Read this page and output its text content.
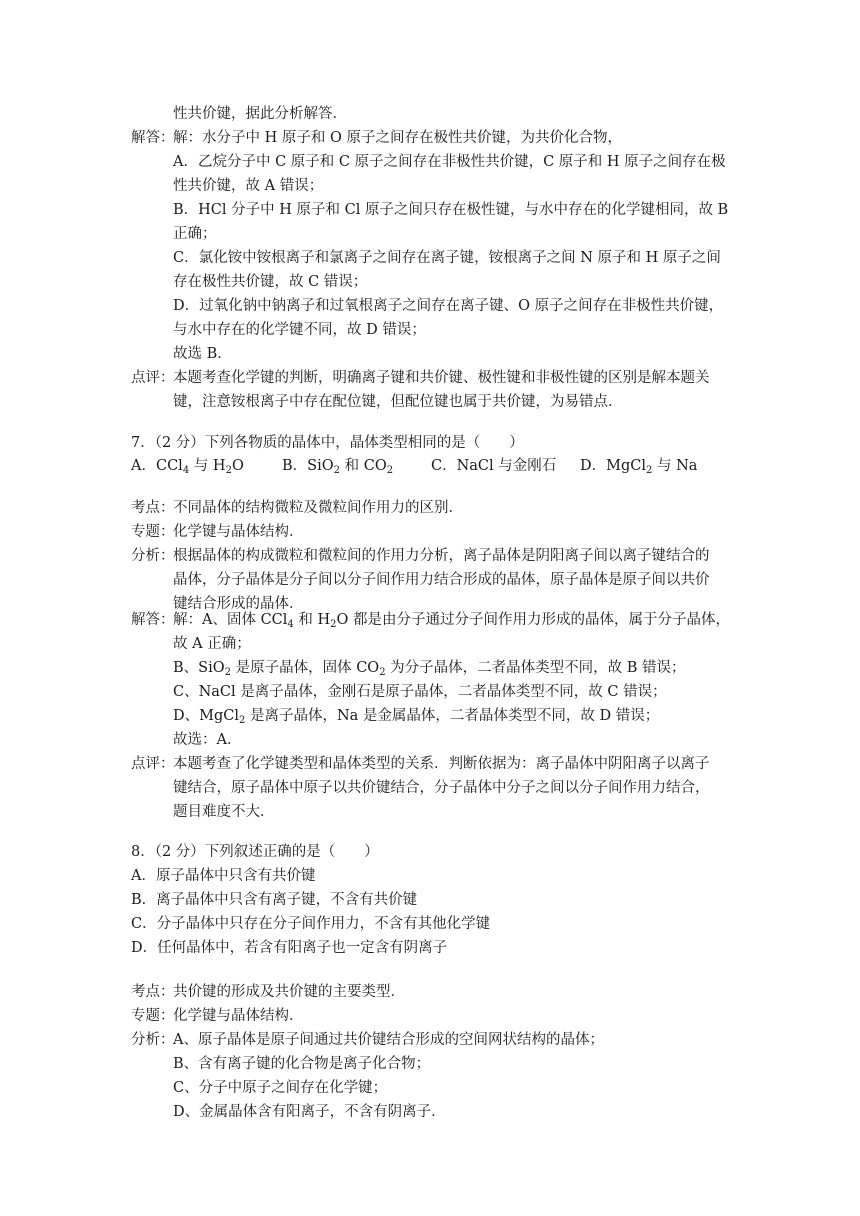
性共价键，据此分析解答．
解答：
解：水分子中 H 原子和 O 原子之间存在极性共价键，为共价化合物，
A．乙烷分子中 C 原子和 C 原子之间存在非极性共价键，C 原子和 H 原子之间存在极
性共价键，故 A 错误；
B．HCl 分子中 H 原子和 Cl 原子之间只存在极性键，与水中存在的化学键相同，故 B
正确；
C．氯化铵中铵根离子和氯离子之间存在离子键，铵根离子之间 N 原子和 H 原子之间
存在极性共价键，故 C 错误；
D．过氧化钠中钠离子和过氧根离子之间存在离子键、O 原子之间存在非极性共价键，
与水中存在的化学键不同，故 D 错误；
故选 B．
点评：
本题考查化学键的判断，明确离子键和共价键、极性键和非极性键的区别是解本题关
键，注意铵根离子中存在配位键，但配位键也属于共价键，为易错点．
7．（2 分）下列各物质的晶体中，晶体类型相同的是（　　）
A．CCl$_4$ 与 $H_2O$	B．SiO$_2$ 和 $CO_2$	C．NaCl 与金刚石 D．MgCl$_2$ 与 Na
考点：
不同晶体的结构微粒及微粒间作用力的区别．
专题：
化学键与晶体结构．
分析：
根据晶体的构成微粒和微粒间的作用力分析，离子晶体是阴阳离子间以离子键结合的
晶体，分子晶体是分子间以分子间作用力结合形成的晶体，原子晶体是原子间以共价
键结合形成的晶体．
解答：
解：A、固体 CCl$_4$ 和 $H_2O$ 都是由分子通过分子间作用力形成的晶体，属于分子晶体，
故 A 正确；
B、SiO$_2$ 是原子晶体，固体 $CO_2$ 为分子晶体，二者晶体类型不同，故 B 错误；
C、NaCl 是离子晶体，金刚石是原子晶体，二者晶体类型不同，故 C 错误；
D、MgCl$_2$ 是离子晶体，Na 是金属晶体，二者晶体类型不同，故 D 错误；
故选：A．
点评：
本题考查了化学键类型和晶体类型的关系．判断依据为：离子晶体中阴阳离子以离子
键结合，原子晶体中原子以共价键结合，分子晶体中分子之间以分子间作用力结合，
题目难度不大．
8．（2 分）下列叙述正确的是（　　）
A．原子晶体中只含有共价键
B．离子晶体中只含有离子键，不含有共价键
C．分子晶体中只存在分子间作用力，不含有其他化学键
D．任何晶体中，若含有阳离子也一定含有阴离子
考点：
共价键的形成及共价键的主要类型．
专题：
化学键与晶体结构．
分析：
A、原子晶体是原子间通过共价键结合形成的空间网状结构的晶体；
B、含有离子键的化合物是离子化合物；
C、分子中原子之间存在化学键；
D、金属晶体含有阳离子，不含有阴离子．
